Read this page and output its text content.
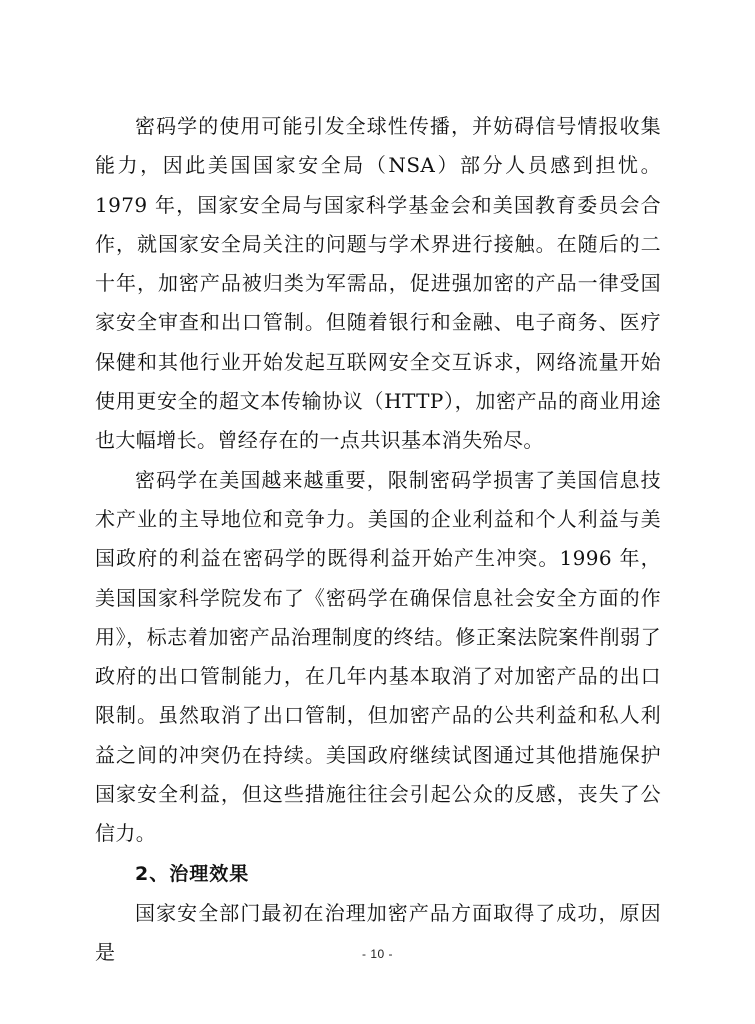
密码学的使用可能引发全球性传播，并妨碍信号情报收集能力，因此美国国家安全局（NSA）部分人员感到担忧。1979 年，国家安全局与国家科学基金会和美国教育委员会合作，就国家安全局关注的问题与学术界进行接触。在随后的二十年，加密产品被归类为军需品，促进强加密的产品一律受国家安全审查和出口管制。但随着银行和金融、电子商务、医疗保健和其他行业开始发起互联网安全交互诉求，网络流量开始使用更安全的超文本传输协议（HTTP），加密产品的商业用途也大幅增长。曾经存在的一点共识基本消失殆尽。

密码学在美国越来越重要，限制密码学损害了美国信息技术产业的主导地位和竞争力。美国的企业利益和个人利益与美国政府的利益在密码学的既得利益开始产生冲突。1996 年，美国国家科学院发布了《密码学在确保信息社会安全方面的作用》，标志着加密产品治理制度的终结。修正案法院案件削弱了政府的出口管制能力，在几年内基本取消了对加密产品的出口限制。虽然取消了出口管制，但加密产品的公共利益和私人利益之间的冲突仍在持续。美国政府继续试图通过其他措施保护国家安全利益，但这些措施往往会引起公众的反感，丧失了公信力。

2、治理效果

国家安全部门最初在治理加密产品方面取得了成功，原因是	- 10 -
